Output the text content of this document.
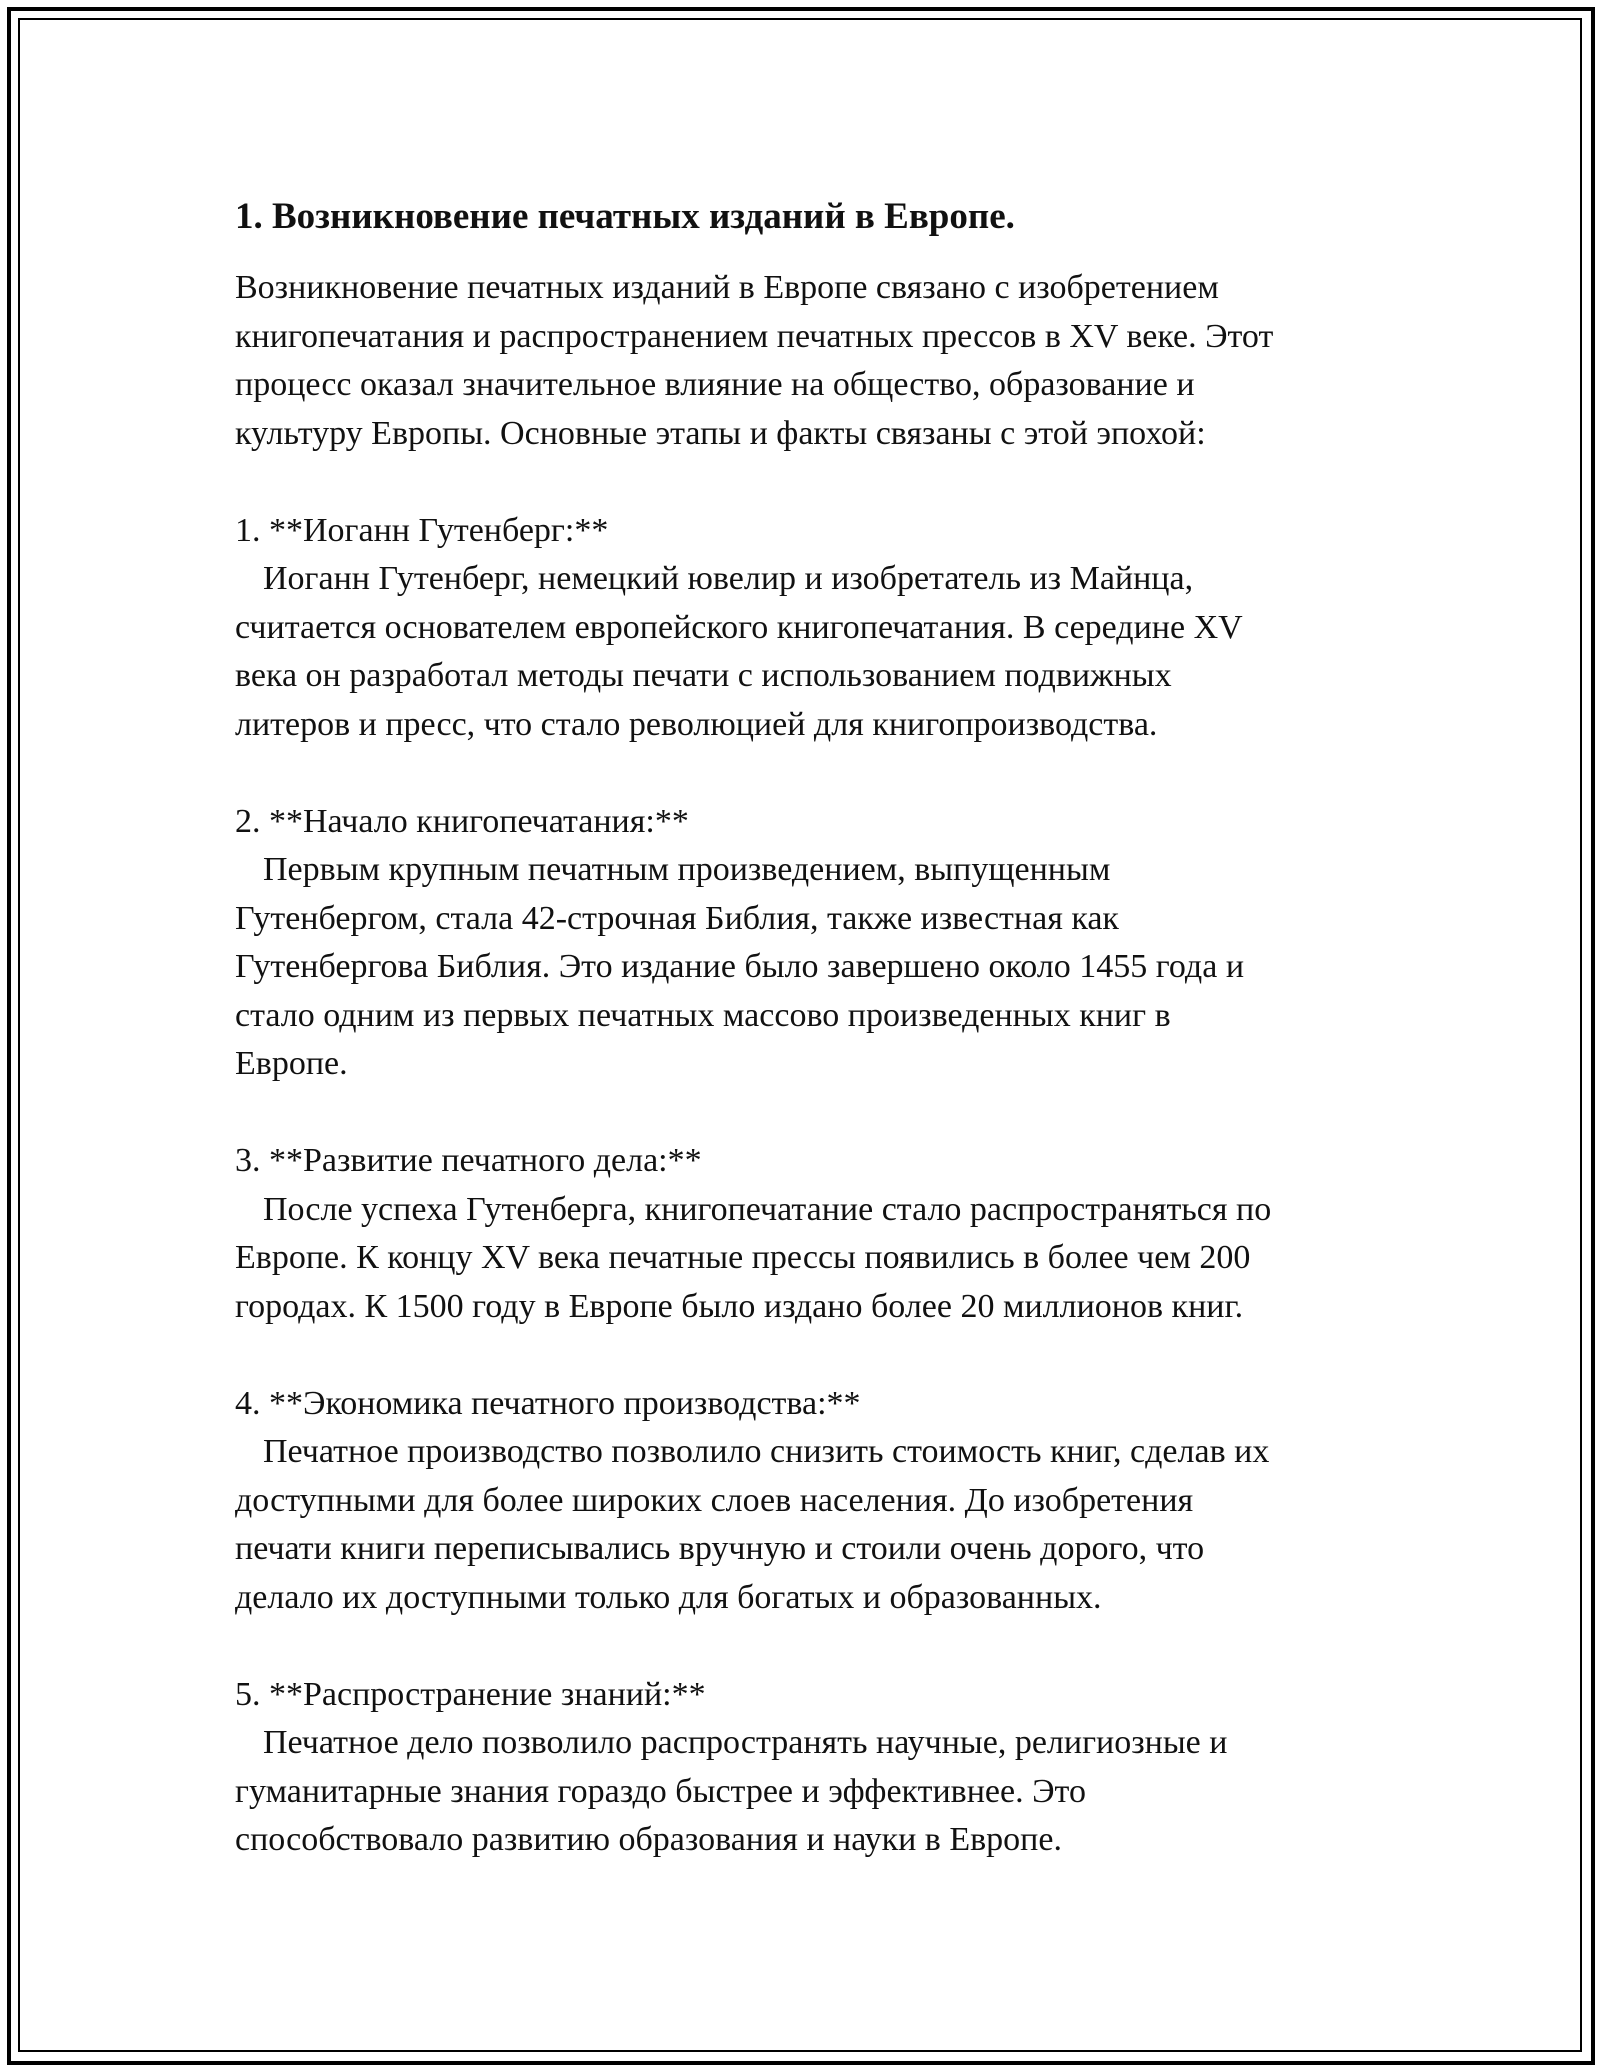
1. Возникновение печатных изданий в Европе.
Возникновение печатных изданий в Европе связано с изобретением
книгопечатания и распространением печатных прессов в XV веке. Этот
процесс оказал значительное влияние на общество, образование и
культуру Европы. Основные этапы и факты связаны с этой эпохой:
1. **Иоганн Гутенберг:**
Иоганн Гутенберг, немецкий ювелир и изобретатель из Майнца,
считается основателем европейского книгопечатания. В середине XV
века он разработал методы печати с использованием подвижных
литеров и пресс, что стало революцией для книгопроизводства.
2. **Начало книгопечатания:**
Первым крупным печатным произведением, выпущенным
Гутенбергом, стала 42-строчная Библия, также известная как
Гутенбергова Библия. Это издание было завершено около 1455 года и
стало одним из первых печатных массово произведенных книг в
Европе.
3. **Развитие печатного дела:**
После успеха Гутенберга, книгопечатание стало распространяться по
Европе. К концу XV века печатные прессы появились в более чем 200
городах. К 1500 году в Европе было издано более 20 миллионов книг.
4. **Экономика печатного производства:**
Печатное производство позволило снизить стоимость книг, сделав их
доступными для более широких слоев населения. До изобретения
печати книги переписывались вручную и стоили очень дорого, что
делало их доступными только для богатых и образованных.
5. **Распространение знаний:**
Печатное дело позволило распространять научные, религиозные и
гуманитарные знания гораздо быстрее и эффективнее. Это
способствовало развитию образования и науки в Европе.
